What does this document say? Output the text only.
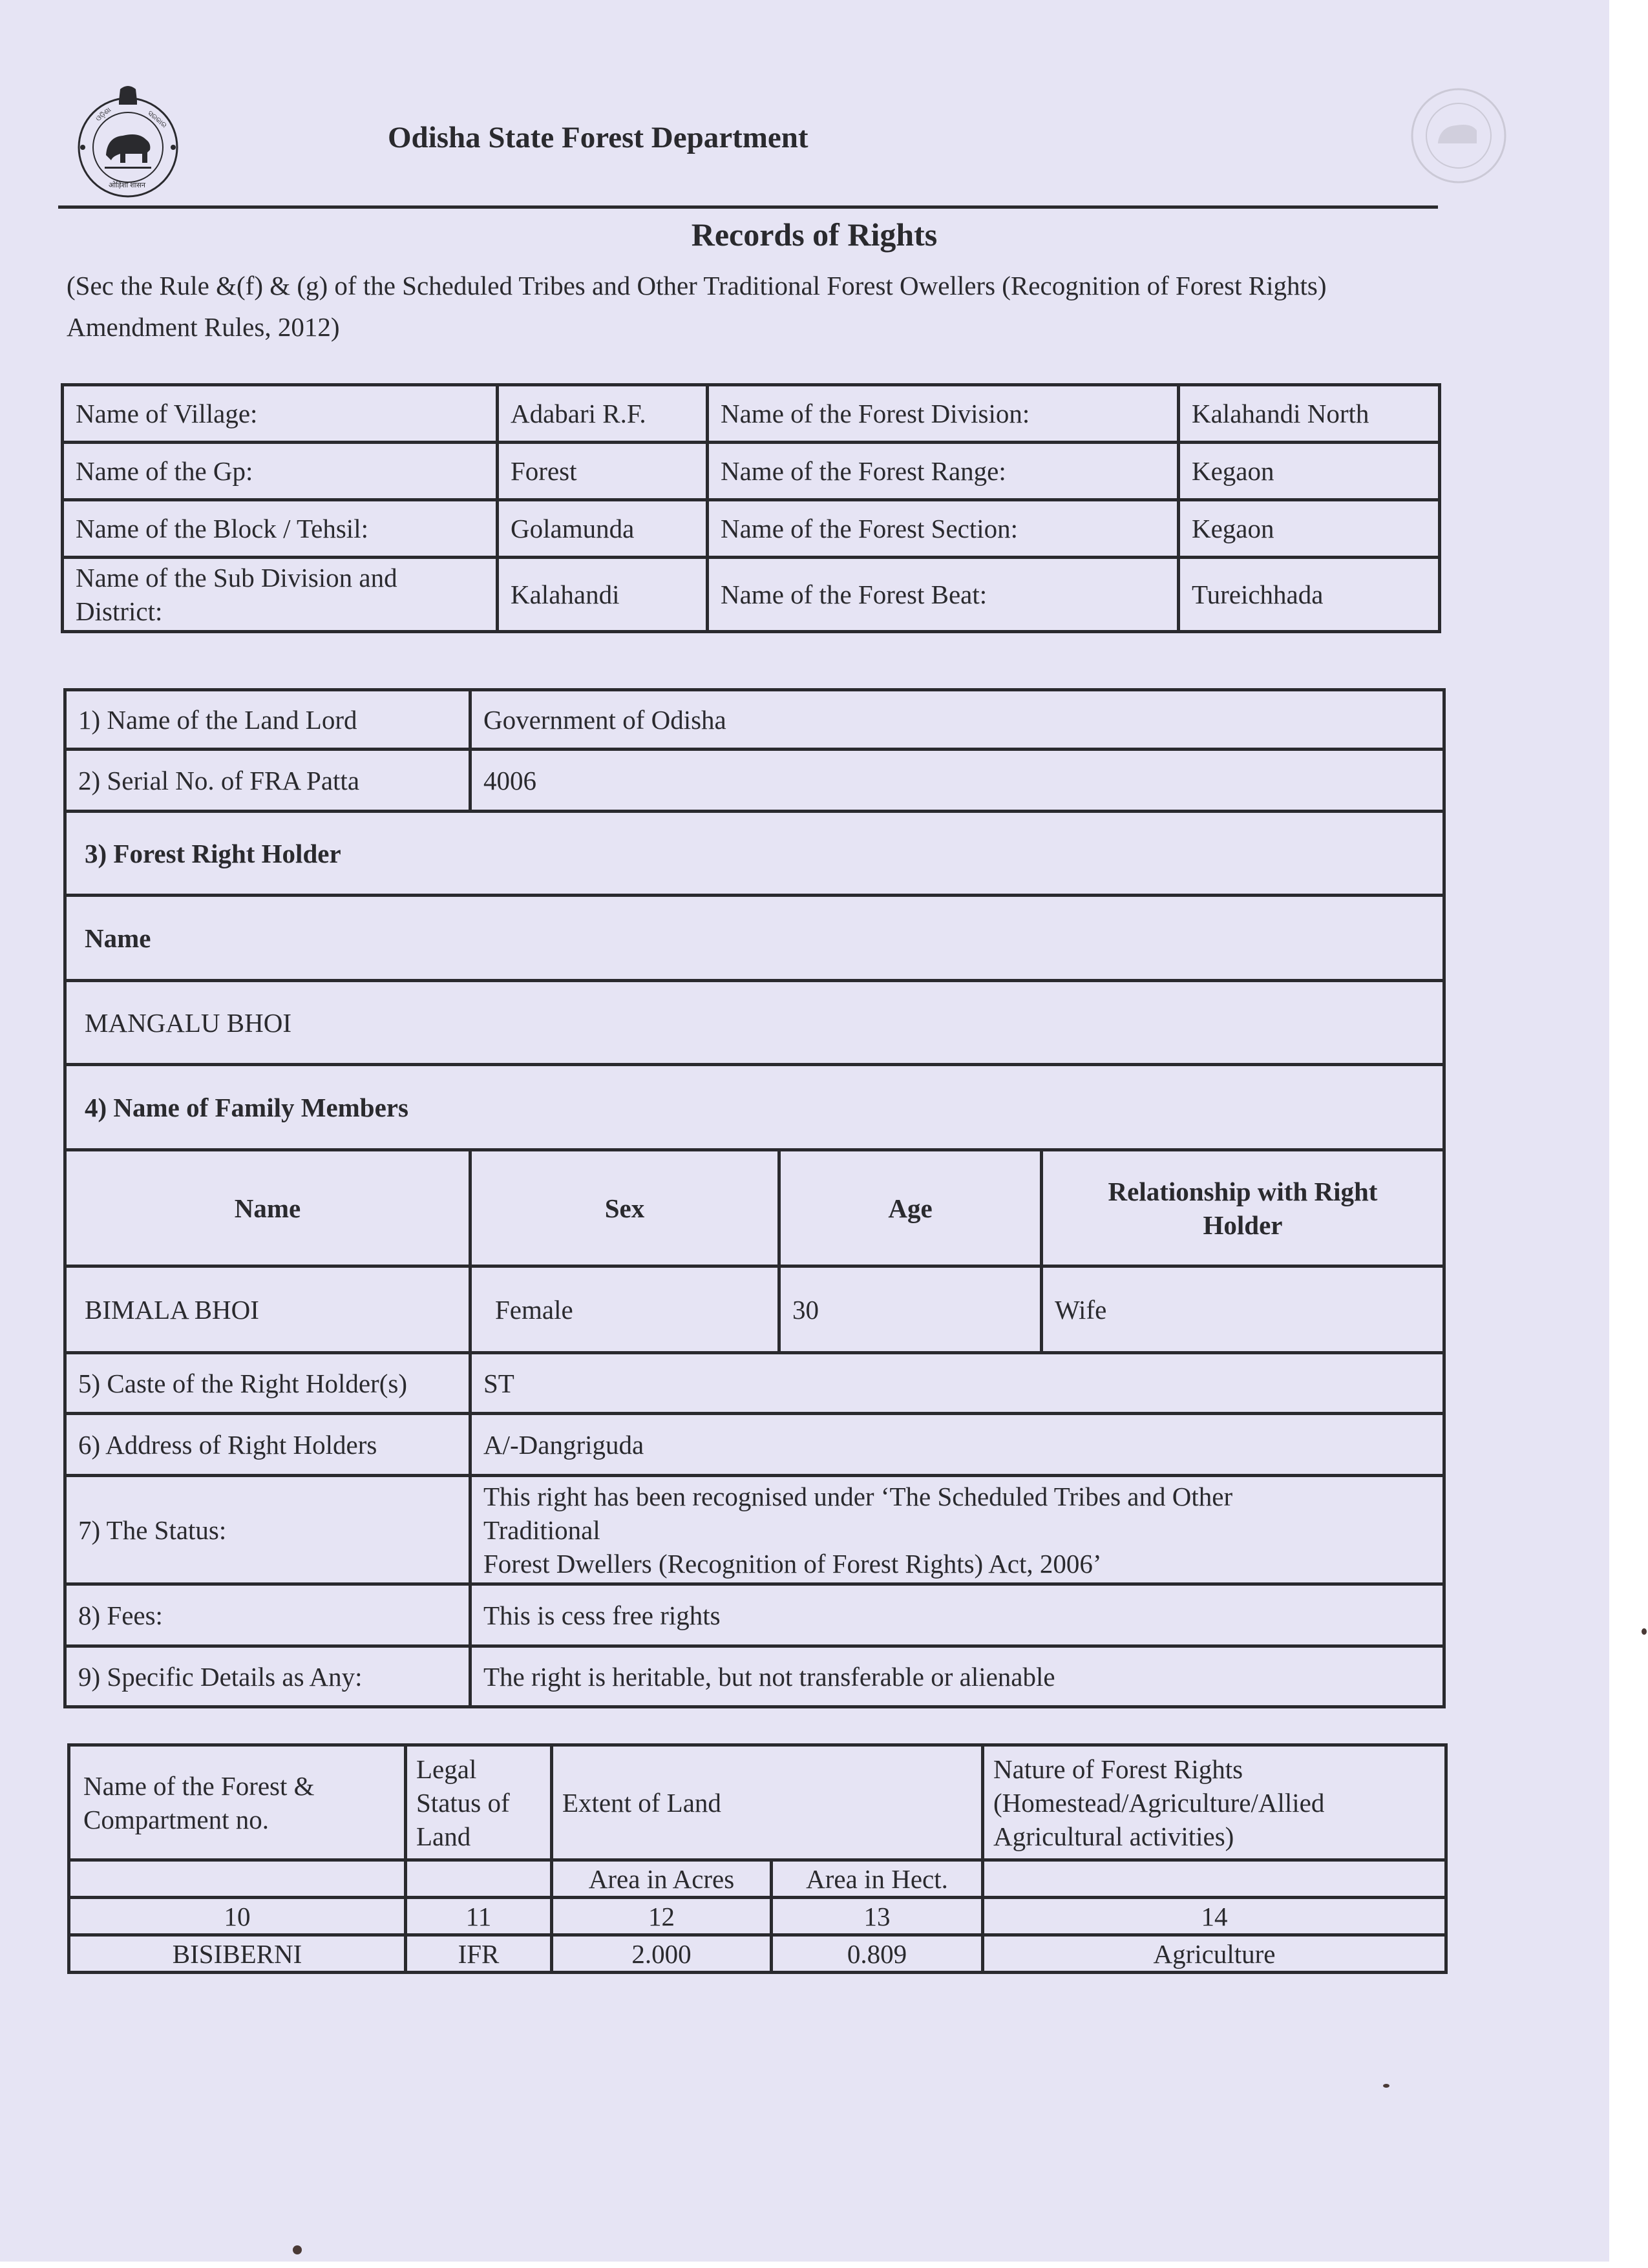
ଓଡ଼ିଶା	ସରକାର
ओड़िशा शासन
Odisha State Forest Department
Records of Rights
(Sec the Rule &(f) & (g) of the Scheduled Tribes and Other Traditional Forest Owellers (Recognition of Forest Rights) Amendment Rules, 2012)
Name of Village:	Adabari R.F.	Name of the Forest Division:	Kalahandi North
Name of the Gp:	Forest	Name of the Forest Range:	Kegaon
Name of the Block / Tehsil:	Golamunda	Name of the Forest Section:	Kegaon
Name of the Sub Division and District:	Kalahandi	Name of the Forest Beat:	Tureichhada
1) Name of the Land Lord	Government of Odisha		
2) Serial No. of FRA Patta	4006		
3) Forest Right Holder			
Name			
MANGALU BHOI			
4) Name of Family Members			
Name	Sex	Age	Relationship with Right Holder
BIMALA BHOI	Female	30	Wife
5) Caste of the Right Holder(s)	ST		
6) Address of Right Holders	A/-Dangriguda		
7) The Status:	This right has been recognised under ‘The Scheduled Tribes and Other
Traditional
Forest Dwellers (Recognition of Forest Rights) Act, 2006’		

8) Fees:	This is cess free rights		
9) Specific Details as Any:	The right is heritable, but not transferable or alienable		
Name of the Forest & Compartment no.	Legal Status of Land	Extent of Land		Nature of Forest Rights (Homestead/Agriculture/Allied Agricultural activities)
		Area in Acres	Area in Hect.	
10	11	12	13	14
BISIBERNI	IFR	2.000	0.809	Agriculture
